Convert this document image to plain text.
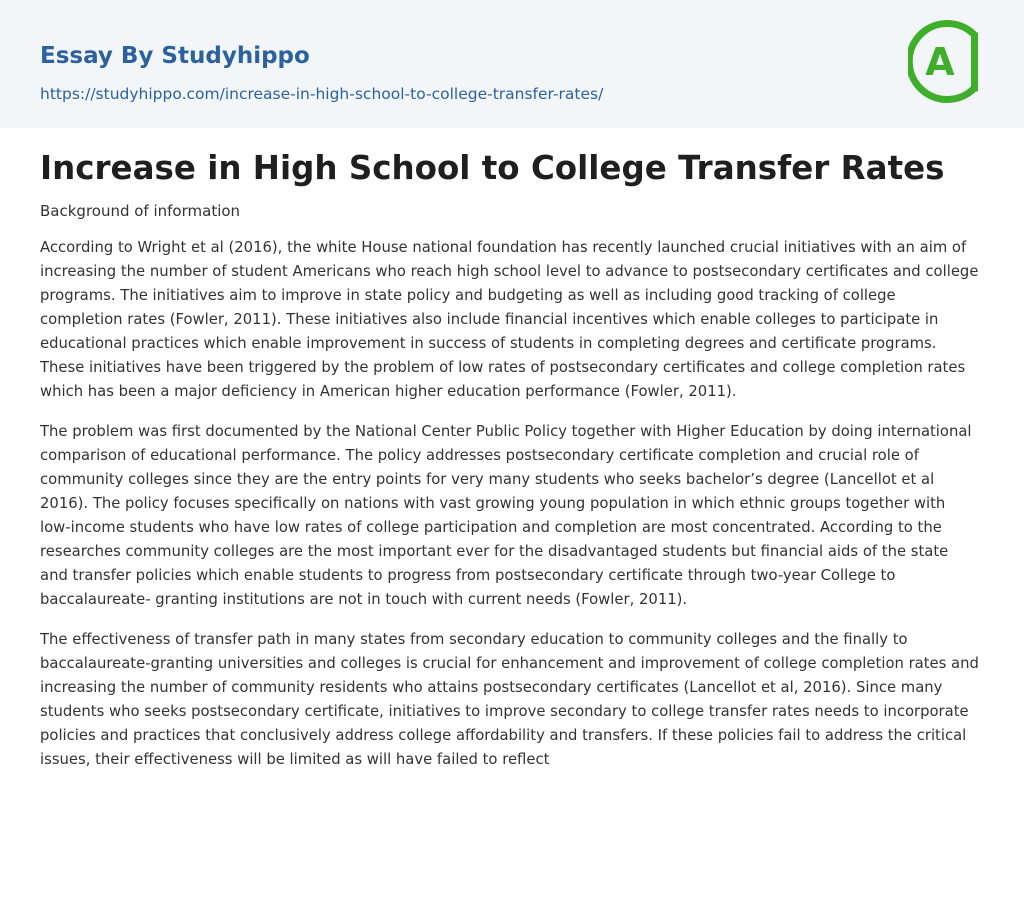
Essay By Studyhippo
https://studyhippo.com/increase-in-high-school-to-college-transfer-rates/
A
Increase in High School to College Transfer Rates

Background of information

According to Wright et al (2016), the white House national foundation has recently launched crucial initiatives with an aim of increasing the number of student Americans who reach high school level to advance to postsecondary certificates and college programs. The initiatives aim to improve in state policy and budgeting as well as including good tracking of college completion rates (Fowler, 2011). These initiatives also include financial incentives which enable colleges to participate in educational practices which enable improvement in success of students in completing degrees and certificate programs. These initiatives have been triggered by the problem of low rates of postsecondary certificates and college completion rates which has been a major deficiency in American higher education performance (Fowler, 2011).

The problem was first documented by the National Center Public Policy together with Higher Education by doing international comparison of educational performance. The policy addresses postsecondary certificate completion and crucial role of community colleges since they are the entry points for very many students who seeks bachelor’s degree (Lancellot et al 2016). The policy focuses specifically on nations with vast growing young population in which ethnic groups together with low-income students who have low rates of college participation and completion are most concentrated. According to the researches community colleges are the most important ever for the disadvantaged students but financial aids of the state and transfer policies which enable students to progress from postsecondary certificate through two-year College to baccalaureate- granting institutions are not in touch with current needs (Fowler, 2011).

The effectiveness of transfer path in many states from secondary education to community colleges and the finally to baccalaureate-granting universities and colleges is crucial for enhancement and improvement of college completion rates and increasing the number of community residents who attains postsecondary certificates (Lancellot et al, 2016). Since many students who seeks postsecondary certificate, initiatives to improve secondary to college transfer rates needs to incorporate policies and practices that conclusively address college affordability and transfers. If these policies fail to address the critical issues, their effectiveness will be limited as will have failed to reflect
